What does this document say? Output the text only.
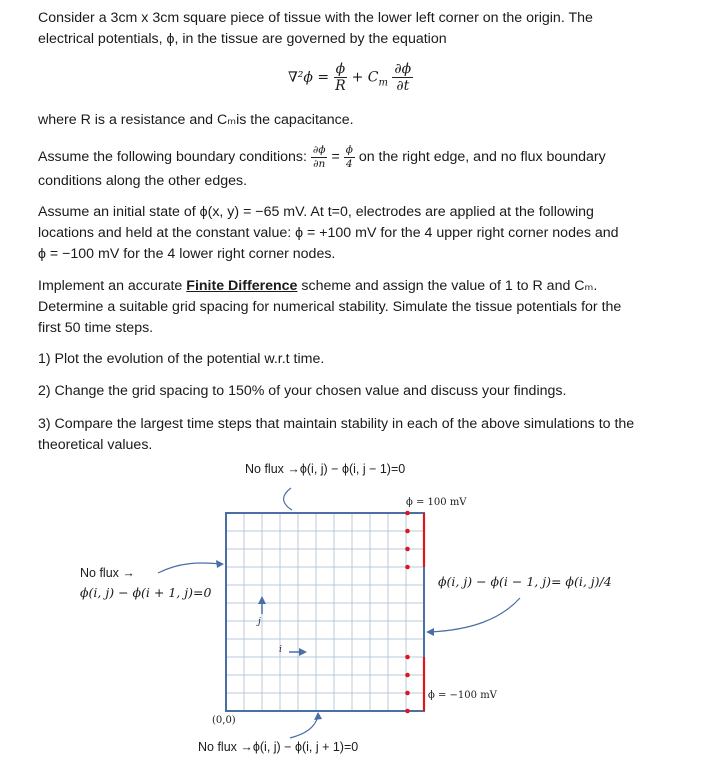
Consider a 3cm x 3cm square piece of tissue with the lower left corner on the origin. The
electrical potentials, ϕ, in the tissue are governed by the equation

$\nabla^2\phi = \frac{\phi}{R} + C_m \frac{\partial\phi}{\partial t}$

where R is a resistance and Cₘis the capacitance.

Assume the following boundary conditions: $\frac{\partial\phi}{\partial n} = \frac{\phi}{4}$ on the right edge, and no flux boundary
conditions along the other edges.

Assume an initial state of ϕ(x, y) = −65 mV. At t=0, electrodes are applied at the following
locations and held at the constant value: ϕ = +100 mV for the 4 upper right corner nodes and
ϕ = −100 mV for the 4 lower right corner nodes.

Implement an accurate Finite Difference scheme and assign the value of 1 to R and Cₘ.
Determine a suitable grid spacing for numerical stability. Simulate the tissue potentials for the
first 50 time steps.

1) Plot the evolution of the potential w.r.t time.

2) Change the grid spacing to 150% of your chosen value and discuss your findings.

3) Compare the largest time steps that maintain stability in each of the above simulations to the
theoretical values.

No flux →ϕ(i, j) − ϕ(i, j − 1)=0
No flux →
ϕ(i, j) − ϕ(i + 1, j)=0
ϕ(i, j) − ϕ(i − 1, j)= ϕ(i, j)/4
No flux →ϕ(i, j) − ϕ(i, j + 1)=0
ϕ = 100 mV
ϕ = −100 mV
(0,0)
j
i
